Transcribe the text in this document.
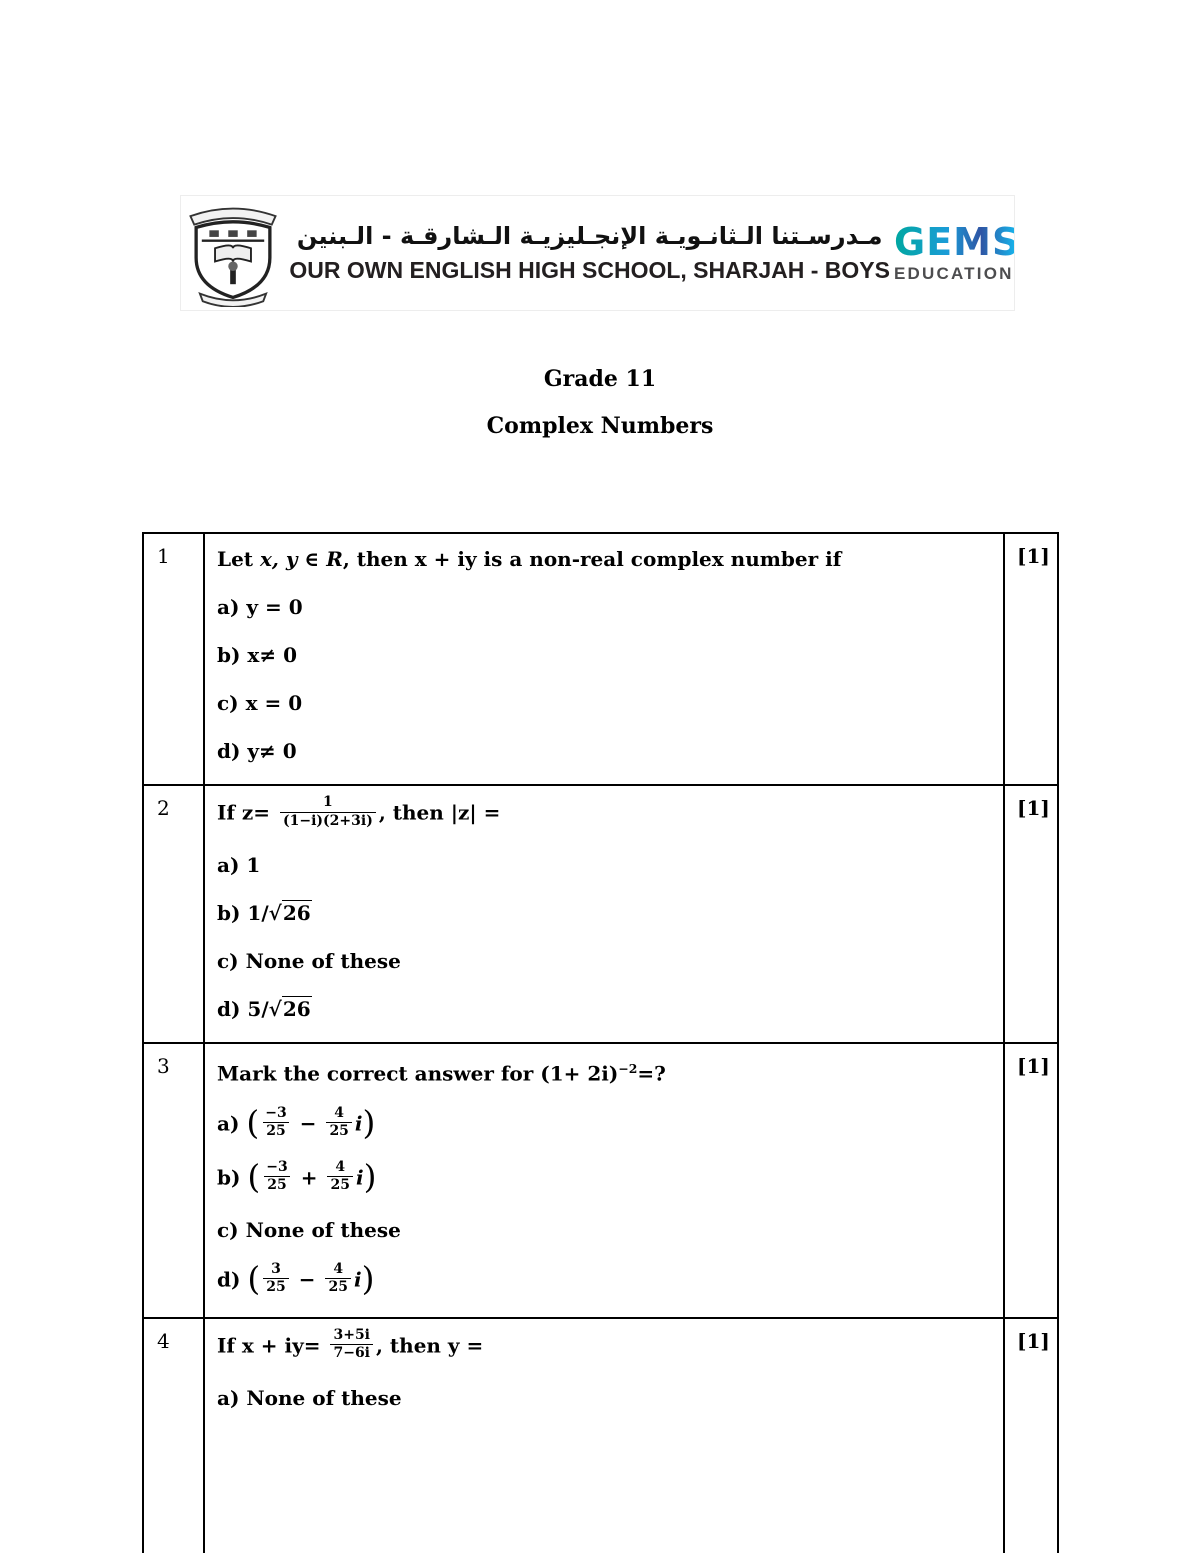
مـدرسـتنا الـثانـويـة الإنجـليزيـة الـشارقـة - الـبنين
OUR OWN ENGLISH HIGH SCHOOL, SHARJAH - BOYS
GEMS
EDUCATION
Grade 11
Complex Numbers
1	Let x, y ∈ R, then x + iy is a non-real complex number if

a) y = 0

b) x≠ 0

c) x = 0

d) y≠ 0	[1]
2	If $z= \frac{1}{(1-i)(2+3i)}$ , then |z| =

a) 1

b) 1/√26

c) None of these

d) 5/√26

	[1]
3	Mark the correct answer for $(1+ 2i)^{-2}=$?

a) ( $\frac{-3}{25} - \frac{4}{25} i$)

b) ( $\frac{-3}{25} + \frac{4}{25} i$)

c) None of these

d) ( $\frac{3}{25} - \frac{4}{25} i$)

	[1]
4	If $x + iy= \frac{3+5i}{7-6i}$ , then y =

a) None of these	[1]
